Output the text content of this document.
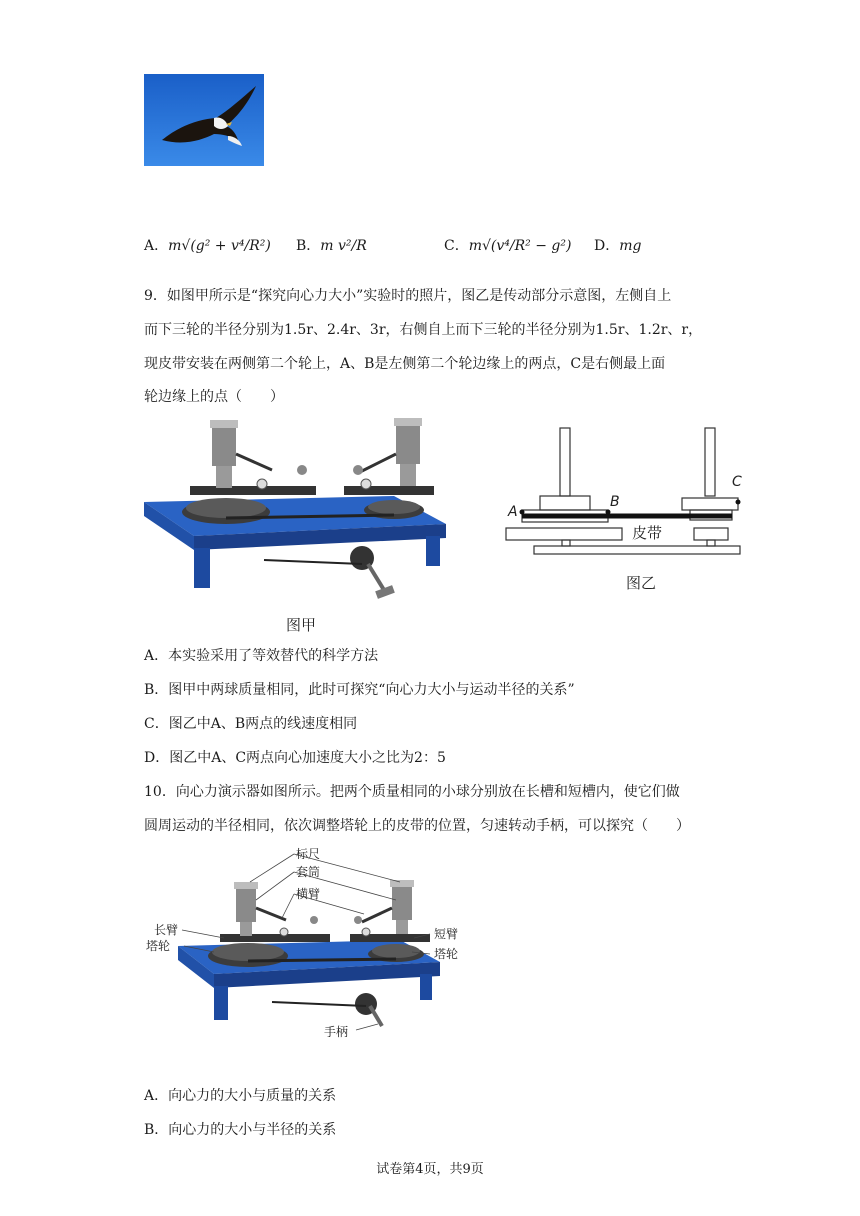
A．m√(g² + v⁴/R²) B．m v²/R	C．m√(v⁴/R² − g²) D．mg
9．如图甲所示是“探究向心力大小”实验时的照片，图乙是传动部分示意图，左侧自上
而下三轮的半径分别为1.5r、2.4r、3r，右侧自上而下三轮的半径分别为1.5r、1.2r、r，
现皮带安装在两侧第二个轮上，A、B是左侧第二个轮边缘上的两点，C是右侧最上面
轮边缘上的点（　　）
图甲
A
B
C
皮带
图乙
A．本实验采用了等效替代的科学方法
B．图甲中两球质量相同，此时可探究“向心力大小与运动半径的关系”
C．图乙中A、B两点的线速度相同
D．图乙中A、C两点向心加速度大小之比为2：5
10．向心力演示器如图所示。把两个质量相同的小球分别放在长槽和短槽内，使它们做
圆周运动的半径相同，依次调整塔轮上的皮带的位置，匀速转动手柄，可以探究（　　）
标尺
套筒
横臂
长臂
塔轮
短臂
塔轮
手柄
A．向心力的大小与质量的关系
B．向心力的大小与半径的关系
试卷第4页，共9页
